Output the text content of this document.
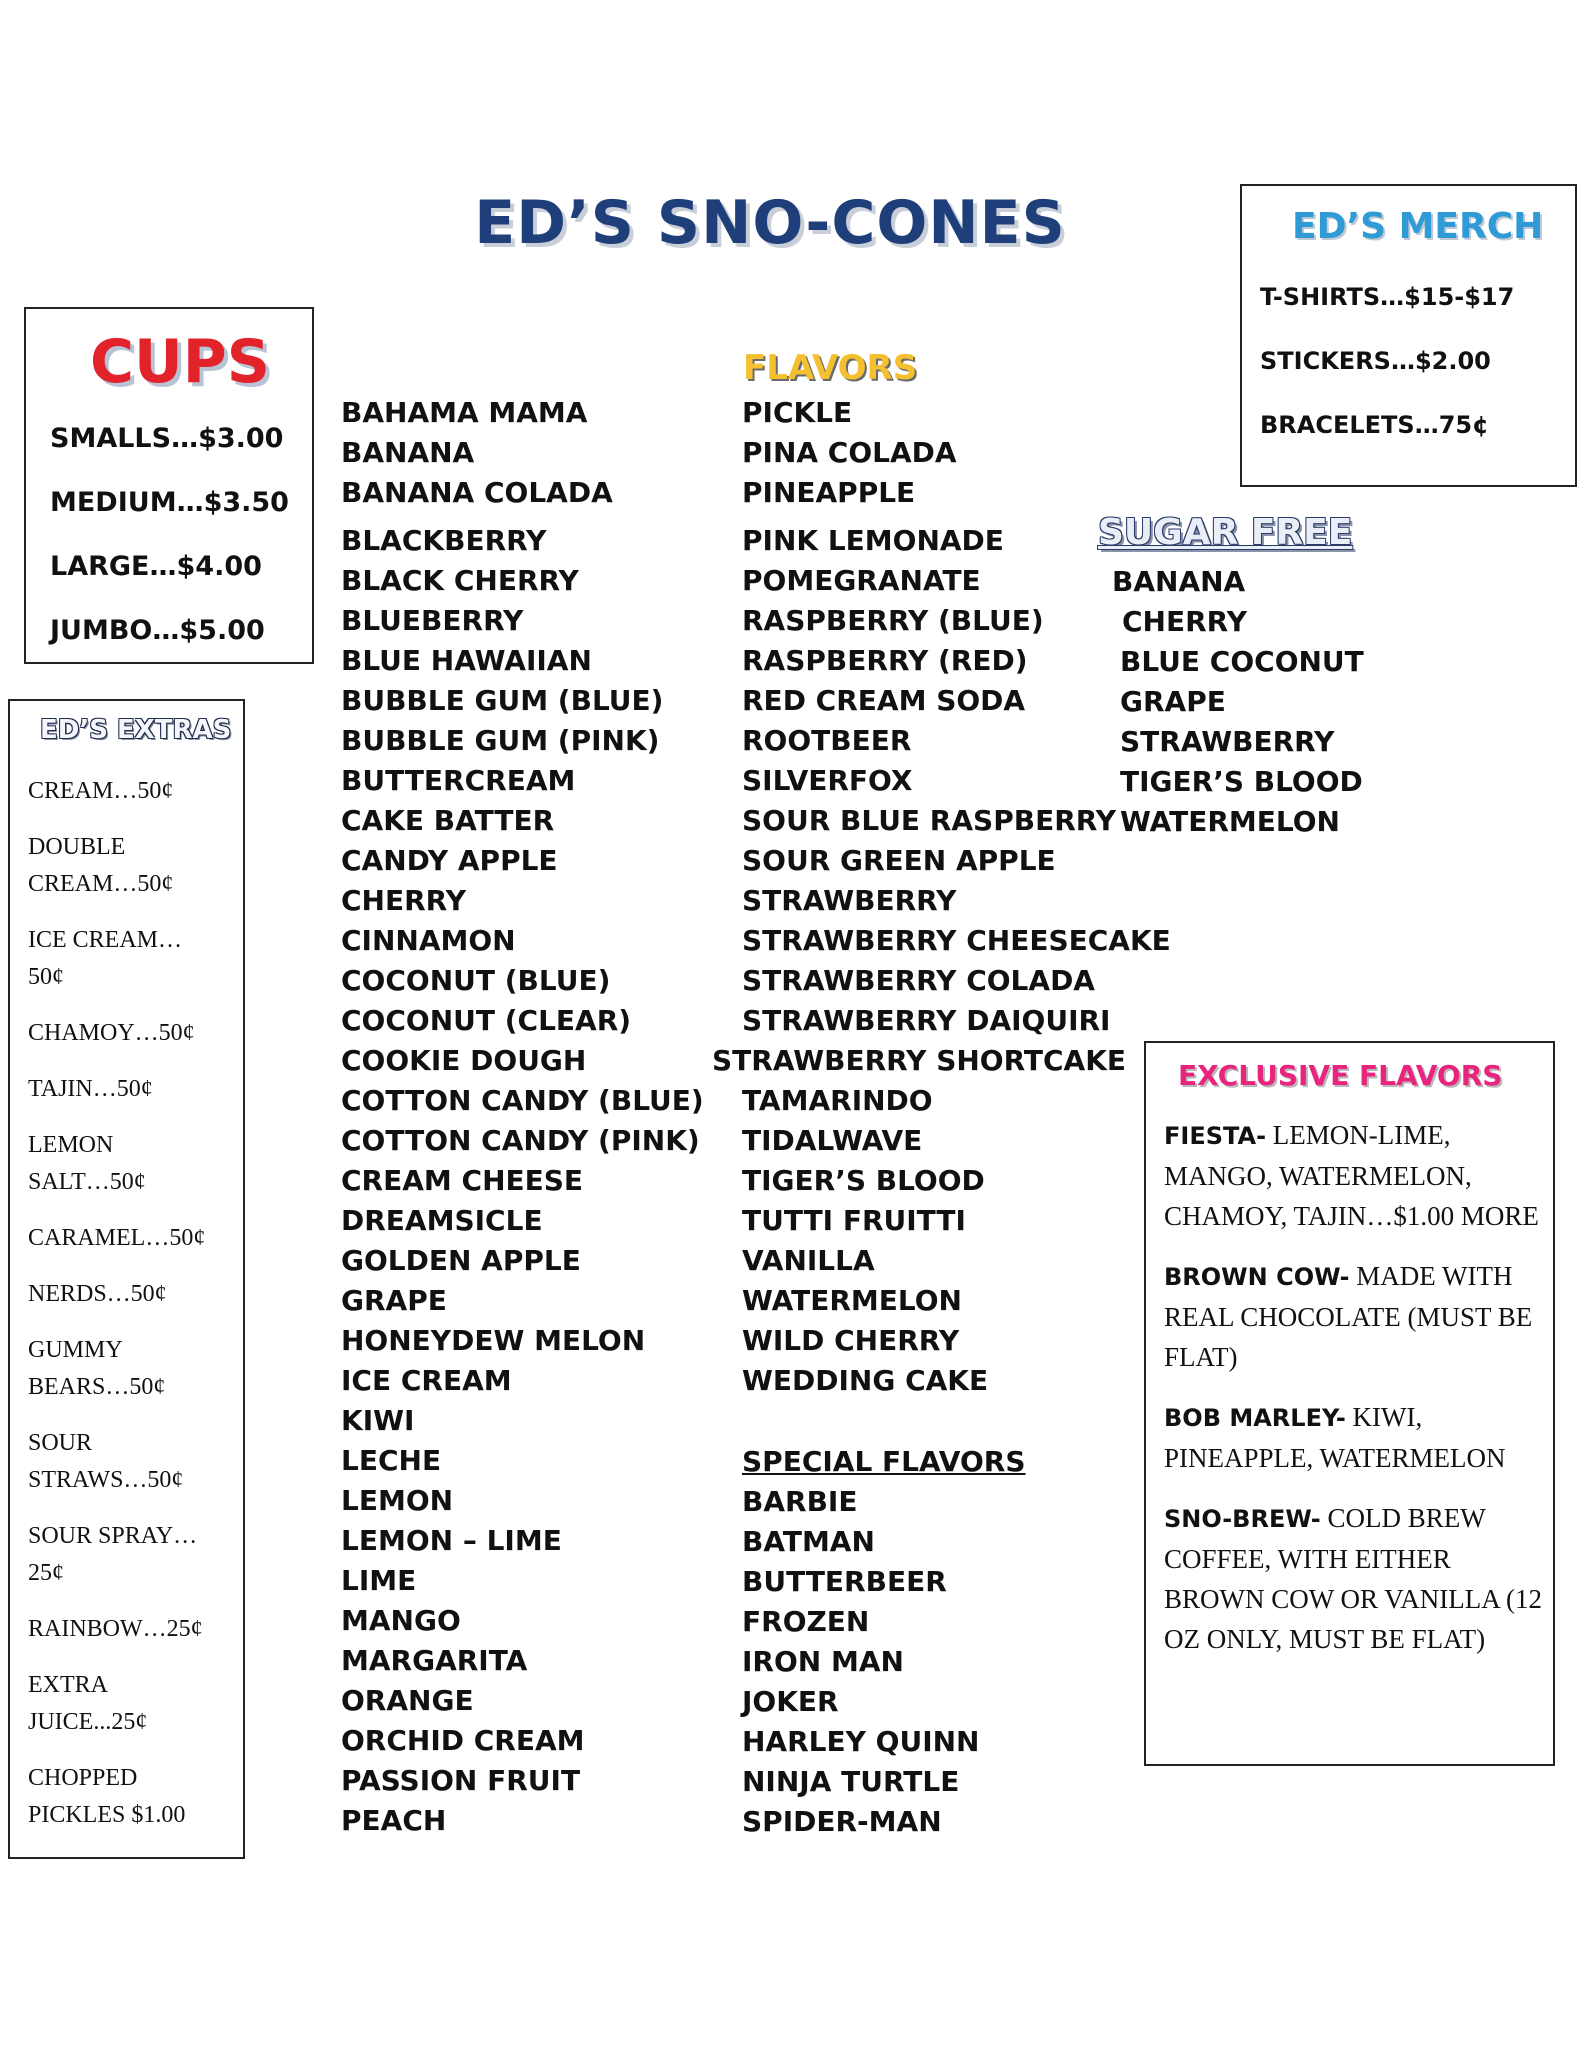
ED’S SNO-CONES
CUPS
SMALLS…$3.00
MEDIUM…$3.50
LARGE…$4.00
JUMBO…$5.00
ED’S MERCH
T-SHIRTS…$15-$17
STICKERS…$2.00
BRACELETS…75¢
ED’S EXTRAS
CREAM…50¢
DOUBLE CREAM…50¢
ICE CREAM…50¢
CHAMOY…50¢
TAJIN…50¢
LEMON SALT…50¢
CARAMEL…50¢
NERDS…50¢
GUMMY BEARS…50¢
SOUR STRAWS…50¢
SOUR SPRAY…25¢
RAINBOW…25¢
EXTRA JUICE...25¢
CHOPPED PICKLES $1.00
FLAVORS
BAHAMA MAMA
BANANA
BANANA COLADA
BLACKBERRY
BLACK CHERRY
BLUEBERRY
BLUE HAWAIIAN
BUBBLE GUM (BLUE)
BUBBLE GUM (PINK)
BUTTERCREAM
CAKE BATTER
CANDY APPLE
CHERRY
CINNAMON
COCONUT (BLUE)
COCONUT (CLEAR)
COOKIE DOUGH
COTTON CANDY (BLUE)
COTTON CANDY (PINK)
CREAM CHEESE
DREAMSICLE
GOLDEN APPLE
GRAPE
HONEYDEW MELON
ICE CREAM
KIWI
LECHE
LEMON
LEMON – LIME
LIME
MANGO
MARGARITA
ORANGE
ORCHID CREAM
PASSION FRUIT
PEACH
PICKLE
PINA COLADA
PINEAPPLE
PINK LEMONADE
POMEGRANATE
RASPBERRY (BLUE)
RASPBERRY (RED)
RED CREAM SODA
ROOTBEER
SILVERFOX
SOUR BLUE RASPBERRY
SOUR GREEN APPLE
STRAWBERRY
STRAWBERRY CHEESECAKE
STRAWBERRY COLADA
STRAWBERRY DAIQUIRI
STRAWBERRY SHORTCAKE
TAMARINDO
TIDALWAVE
TIGER’S BLOOD
TUTTI FRUITTI
VANILLA
WATERMELON
WILD CHERRY
WEDDING CAKE
SPECIAL FLAVORS
BARBIE
BATMAN
BUTTERBEER
FROZEN
IRON MAN
JOKER
HARLEY QUINN
NINJA TURTLE
SPIDER-MAN
SUGAR FREE
BANANA
CHERRY
BLUE COCONUT
GRAPE
STRAWBERRY
TIGER’S BLOOD
WATERMELON
EXCLUSIVE FLAVORS
FIESTA- LEMON-LIME, MANGO, WATERMELON, CHAMOY, TAJIN…$1.00 MORE
BROWN COW- MADE WITH REAL CHOCOLATE (MUST BE FLAT)
BOB MARLEY- KIWI, PINEAPPLE, WATERMELON
SNO-BREW- COLD BREW COFFEE, WITH EITHER BROWN COW OR VANILLA (12 OZ ONLY, MUST BE FLAT)
